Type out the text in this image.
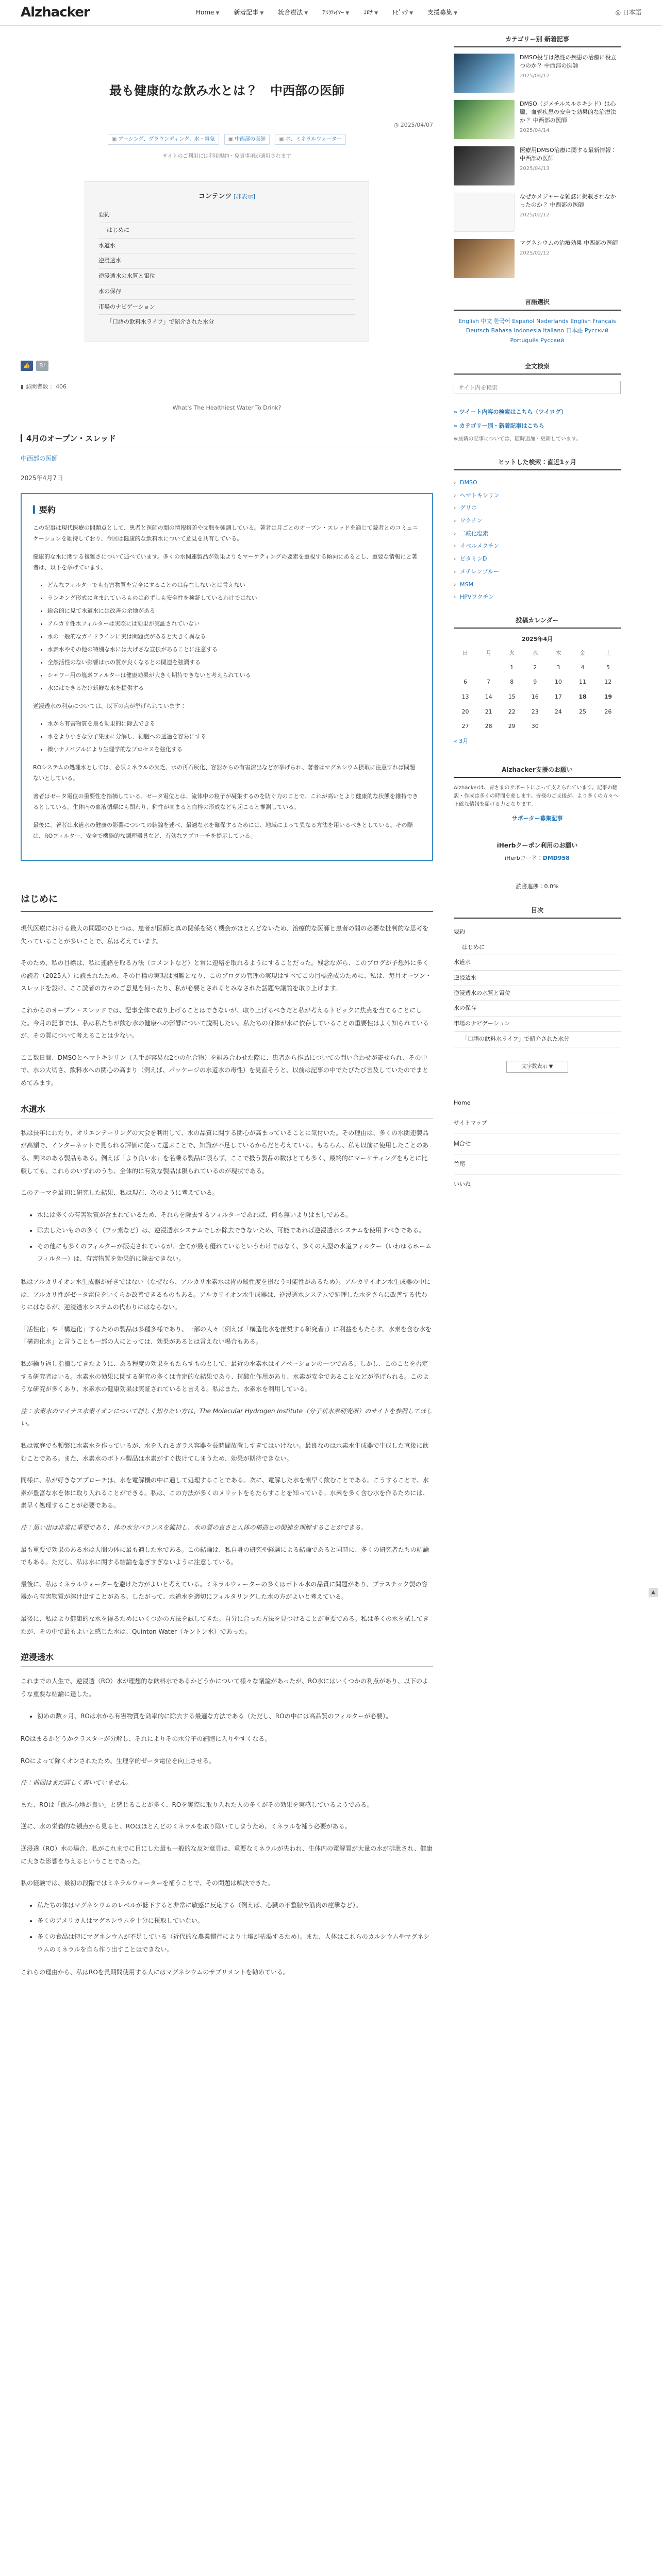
Alzhacker	Home ▼ 新着記事 ▼ 統合療法 ▼ ｱﾙﾂﾊｲﾏｰ ▼ ｺﾛﾅ ▼ ﾄﾋﾟｯｸ ▼ 支援募集 ▼	◎ 日本語
最も健康的な飲み水とは？　中西部の医師
◷ 2025/04/07
▣ アーシング、グラウンディング、水・電気	▣ 中西部の医師	▣ 水、ミネラルウォーター
サイトのご利用には利用規約・免責事項が適用されます
コンテンツ [非表示]
要約
はじめに
水道水
逆浸透水
逆浸透水の水質と電位
水の保存
市場のナビゲーション
「口語の飲料水ライフ」で紹介された水分
👍 B!
▮ 訪問者数： 406
What's The Healthiest Water To Drink?
4月のオープン・スレッド
中西部の医師
2025年4月7日
要約

この記事は現代医療の問題点として、患者と医師の間の情報格差や文脈を強調している。著者は月ごとのオープン・スレッドを通じて読者とのコミュニケーションを維持しており、今回は健康的な飲料水について意見を共有している。

健康的な水に関する複雑さについて述べています。多くの水関連製品が効果よりもマーケティングの要素を重視する傾向にあるとし、重要な情報にと著者は、以下を挙げています。

• どんなフィルターでも有害物質を完全にすることのは存在しないとは言えない
• ランキング形式に含まれているものは必ずしも安全性を検証しているわけではない
• 総合的に見て水道水には改善の余地がある
• アルカリ性水フィルターは実際には効果が実証されていない
• 水の一般的なガイドラインに実は問題点があると大きく異なる
• 水素水やその他の特別な水には大げさな宣伝があることに注意する
• 全然活性のない影響は水の質が良くなるとの関連を強調する
• シャワー用の塩素フィルターは健康効果が大きく期待できないと考えられている
• 水にはできるだけ新鮮な水を提供する

逆浸透水の利点については、以下の点が挙げられています：

• 水から有害物質を最も効果的に除去できる
• 水をより小さな分子集団に分解し、細胞への透過を容易にする
• 微小ナノバブルにより生理学的なプロセスを強化する

ROシステムの処理水としては、必須ミネラルの欠乏、水の再石灰化、容器からの有害溶出などが挙げられ、著者はマグネシウム摂取に注意すれば問題ないとしている。

著者はゼータ電位の重要性を指摘している。ゼータ電位とは、流体中の粒子が凝集するのを防ぐ力のことで、これが高いとより健康的な状態を維持できるとしている。生体内の血液循環にも関わり、粘性が高まると血栓の形成なども起こると推測している。

最後に、著者は水道水の健康の影響についての結論を述べ、最適な水を確保するためには、地域によって異なる方法を用いるべきとしている。その際は、ROフィルター、安全で機能的な調理器具など、有効なアプローチを提示している。

はじめに

現代医療における最大の問題のひとつは、患者が医師と真の関係を築く機会がほとんどないため、治療的な医師と患者の間の必要な批判的な思考を失っていることが多いことで、私は考えています。

そのため、私の目標は、私に連絡を取る方法（コメントなど）と常に連絡を取れるようにすることだった。残念ながら、このブログが予想外に多くの読者（2025人）に読まれたため、その目標の実現は困難となり、このブログの管理の実現はすべてこの目標達成のために、私は、毎月オープン・スレッドを設け、ここ読者の方々のご意見を伺ったり、私が必要とされるとみなされた話題や議論を取り上げます。

これからのオープン・スレッドでは、記事全体で取り上げることはできないが、取り上げるべきだと私が考えるトピックに焦点を当てることにした。今月の記事では、私は私たちが飲む水の健康への影響について説明したい。私たちの身体が水に依存していることの重要性はよく知られているが、その質について考えることは少ない。

ここ数日間、DMSOとヘマトキシリン（入手が容易な2つの化合物）を組み合わせた際に、患者から作品についての問い合わせが寄せられ、その中で、水の大切さ、飲料水への関心の高まり（例えば、パッケージの水道水の毒性）を見直そうと、以前は記事の中でたびたび言及していたのでまとめてみます。

水道水

私は長年にわたり、オリエンテーリングの大会を利用して、水の品質に関する関心が高まっていることに気付いた。その理由は、多くの水関連製品が高額で、インターネットで見られる評価に従って選ぶことで、知識が不足しているからだと考えている。もちろん、私も以前に使用したことのある、興味のある製品もある。例えば「より良い水」を名乗る製品に限らず、ここで扱う製品の数はとても多く、最終的にマーケティングをもとに比較しても、これらのいずれのうち、全体的に有効な製品は限られているのが現状である。

このテーマを最初に研究した結果、私は現在、次のように考えている。

• 水には多くの有害物質が含まれているため、それらを除去するフィルターであれば、何も無いよりはましである。
• 除去したいものの多く（フッ素など）は、逆浸透水システムでしか除去できないため、可能であれば逆浸透水システムを使用すべきである。
• その他にも多くのフィルターが販売されているが、全てが最も優れているというわけではなく、多くの大型の水道フィルター（いわゆるホームフィルター）は、有害物質を効果的に除去できない。

私はアルカリイオン水生成器が好きではない（なぜなら、アルカリ水素水は胃の酸性度を損なう可能性があるため）。アルカリイオン水生成器の中には、アルカリ性がゼータ電位をいくらか改善できるものもある。アルカリイオン水生成器は、逆浸透水システムで処理した水をさらに改善する代わりにはなるが、逆浸透水システムの代わりにはならない。

「活性化」や「構造化」するための製品は多種多様であり、一部の人々（例えば「構造化水を推奨する研究者」）に利益をもたらす。水素を含む水を「構造化水」と言うことも一部の人にとっては、効果があるとは言えない場合もある。

私が繰り返し指摘してきたように、ある程度の効果をもたらすものとして、最近の水素水はイノベーションの一つである。しかし、このことを否定する研究者はいる。水素水の効果に関する研究の多くは肯定的な結果であり、抗酸化作用があり、水素が安全であることなどが挙げられる。このような研究が多くあり、水素水の健康効果は実証されていると言える。私はまた、水素水を利用している。

注：水素水のマイナス水素イオンについて詳しく知りたい方は、The Molecular Hydrogen Institute（分子状水素研究所）のサイトを参照してほしい。

私は家庭でも頻繁に水素水を作っているが、水を入れるガラス容器を長時間放置しすぎてはいけない。最良なのは水素水生成器で生成した直後に飲むことである。また、水素水のボトル製品は水素がすぐ抜けてしまうため、効果が期待できない。

同様に、私が好きなアプローチは、水を電解機の中に通して処理することである。次に、電解した水を素早く飲むことである。こうすることで、水素が豊富な水を体に取り入れることができる。私は、この方法が多くのメリットをもたらすことを知っている。水素を多く含む水を作るためには、素早く処理することが必要である。

注：思い出は非常に重要であり、体の水分バランスを維持し、水の質の良さと人体の構造との関連を理解することができる。

最も重要で効果のある水は人間の体に最も適した水である。この結論は、私自身の研究や経験による結論であると同時に、多くの研究者たちの結論でもある。ただし、私は水に関する結論を急ぎすぎないように注意している。

最後に、私はミネラルウォーターを避けた方がよいと考えている。ミネラルウォーターの多くはボトル水の品質に問題があり、プラスチック製の容器から有害物質が溶け出すことがある。したがって、水道水を適切にフィルタリングした水の方がよいと考えている。

最後に、私はより健康的な水を得るためにいくつかの方法を試してきた。自分に合った方法を見つけることが重要である。私は多くの水を試してきたが、その中で最もよいと感じた水は、Quinton Water（キントン水）であった。

逆浸透水

これまでの人生で、逆浸透（RO）水が理想的な飲料水であるかどうかについて様々な議論があったが、RO水にはいくつかの利点があり、以下のような重要な結論に達した。

• 初めの数ヶ月、ROは水から有害物質を効率的に除去する最適な方法である（ただし、ROの中には高品質のフィルターが必要）。

ROはまるかどうかクラスターが分解し、それによりその水分子の細胞に入りやすくなる。

ROによって除くオンされたため、生理学的ゼータ電位を向上させる。

注：前回はまだ詳しく書いていません。

また、ROは「飲み心地が良い」と感じることが多く、ROを実際に取り入れた人の多くがその効果を実感しているようである。

逆に、水の栄養的な観点から見ると、ROはほとんどのミネラルを取り除いてしまうため、ミネラルを補う必要がある。

逆浸透（RO）水の場合、私がこれまでに目にした最も一般的な反対意見は、重要なミネラルが失われ、生体内の電解質が大量の水が排泄され、健康に大きな影響を与えるということであった。

私の経験では、最初の段階ではミネラルウォーターを補うことで、その問題は解決できた。

• 私たちの体はマグネシウムのレベルが低下すると非常に敏感に反応する（例えば、心臓の不整脈や筋肉の痙攣など）。
• 多くのアメリカ人はマグネシウムを十分に摂取していない。
• 多くの食品は特にマグネシウムが不足している（近代的な農業慣行により土壌が枯渇するため）。また、人体はこれらのカルシウムやマグネシウムのミネラルを自ら作り出すことはできない。

これらの理由から、私はROを長期間使用する人にはマグネシウムのサプリメントを勧めている。

カテゴリー別 新着記事
DMSO投与は熱性の疾患の治療に役立つのか？ 中西部の医師
2025/04/12
DMSO（ジメチルスルホキシド）は心臓、血管疾患の安全で効果的な治療法か？ 中西部の医師
2025/04/14
医療用DMSO治療に関する最新情報：中西部の医師
2025/04/13
なぜかメジャーな雑誌に掲載されなかったのか？ 中西部の医師
2025/02/12
マグネシウムの治療効果 中西部の医師
2025/02/12
言語選択
English 中文 한국어 Español Nederlands English Français Deutsch Bahasa Indonesia Italiano 日本語 Русский Português Русский
全文検索
サイト内を検索
» ツイート内容の検索はこちら（ツイログ）
» カテゴリー別・新着記事はこちら
※最新の記事については、随時追加・更新しています。
ヒットした検索：直近1ヶ月
› DMSO
› ヘマトキシリン
› グリホ
› ワクチン
› 二酸化塩素
› イベルメクチン
› ビタミンD
› メチレンブルー
› MSM
› HPVワクチン
投稿カレンダー
2025年4月
日	月	火	水	木	金	土
		1	2	3	4	5
6	7	8	9	10	11	12
13	14	15	16	17	18	19
20	21	22	23	24	25	26
27	28	29	30			
« 3月						
Alzhacker支援のお願い
Alzhackerは、皆さまのサポートによって支えられています。記事の翻訳・作成は多くの時間を要します。皆様のご支援が、より多くの方々へ正確な情報を届ける力となります。
サポーター募集記事
iHerbクーポン利用のお願い
iHerbコード：DMD958
読書進捗：0.0%
目次
要約
はじめに
水道水
逆浸透水
逆浸透水の水質と電位
水の保存
市場のナビゲーション
「口語の飲料水ライフ」で紹介された水分
文字数表示 ▼
Home
サイトマップ
問合せ
首尾
いいね
▲
